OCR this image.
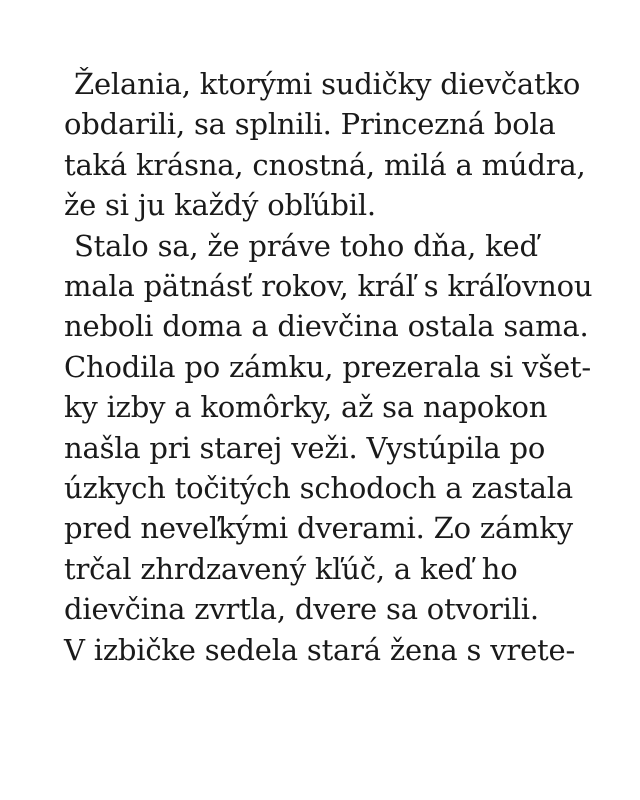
Želania, ktorými sudičky dievčatko
obdarili, sa splnili. Princezná bola
taká krásna, cnostná, milá a múdra,
že si ju každý obľúbil.
Stalo sa, že práve toho dňa, keď
mala pätnásť rokov, kráľ s kráľovnou
neboli doma a dievčina ostala sama.
Chodila po zámku, prezerala si všet-
ky izby a komôrky, až sa napokon
našla pri starej veži. Vystúpila po
úzkych točitých schodoch a zastala
pred neveľkými dverami. Zo zámky
trčal zhrdzavený kľúč, a keď ho
dievčina zvrtla, dvere sa otvorili.
V izbičke sedela stará žena s vrete-
